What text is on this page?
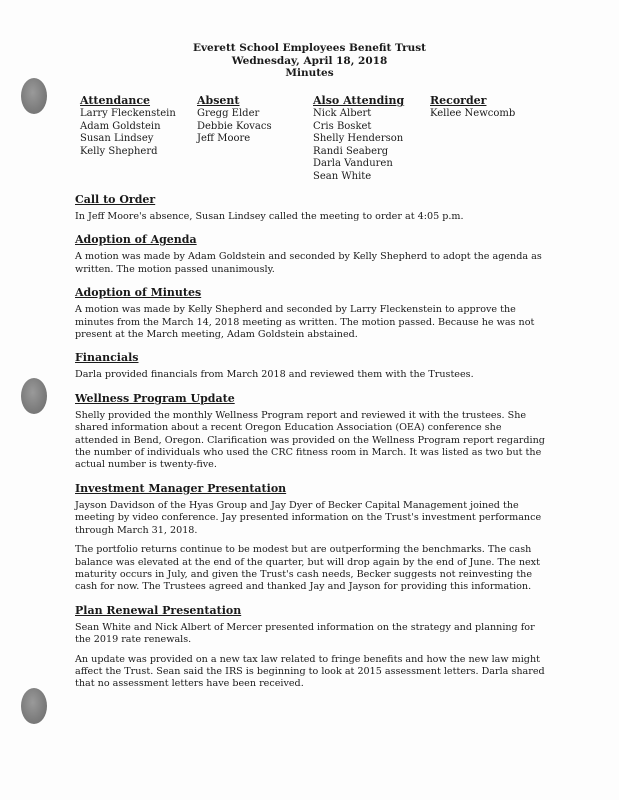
Everett School Employees Benefit Trust
Wednesday, April 18, 2018
Minutes
Attendance
Larry Fleckenstein
Adam Goldstein
Susan Lindsey
Kelly Shepherd
Absent
Gregg Elder
Debbie Kovacs
Jeff Moore
Also Attending
Nick Albert
Cris Bosket
Shelly Henderson
Randi Seaberg
Darla Vanduren
Sean White
Recorder
Kellee Newcomb
Call to Order

In Jeff Moore's absence, Susan Lindsey called the meeting to order at 4:05 p.m.

Adoption of Agenda

A motion was made by Adam Goldstein and seconded by Kelly Shepherd to adopt the agenda as written. The motion passed unanimously.

Adoption of Minutes

A motion was made by Kelly Shepherd and seconded by Larry Fleckenstein to approve the minutes from the March 14, 2018 meeting as written. The motion passed. Because he was not present at the March meeting, Adam Goldstein abstained.

Financials

Darla provided financials from March 2018 and reviewed them with the Trustees.

Wellness Program Update

Shelly provided the monthly Wellness Program report and reviewed it with the trustees. She shared information about a recent Oregon Education Association (OEA) conference she attended in Bend, Oregon. Clarification was provided on the Wellness Program report regarding the number of individuals who used the CRC fitness room in March. It was listed as two but the actual number is twenty-five.

Investment Manager Presentation

Jayson Davidson of the Hyas Group and Jay Dyer of Becker Capital Management joined the meeting by video conference. Jay presented information on the Trust's investment performance through March 31, 2018.

The portfolio returns continue to be modest but are outperforming the benchmarks. The cash balance was elevated at the end of the quarter, but will drop again by the end of June. The next maturity occurs in July, and given the Trust's cash needs, Becker suggests not reinvesting the cash for now. The Trustees agreed and thanked Jay and Jayson for providing this information.

Plan Renewal Presentation

Sean White and Nick Albert of Mercer presented information on the strategy and planning for the 2019 rate renewals.

An update was provided on a new tax law related to fringe benefits and how the new law might affect the Trust. Sean said the IRS is beginning to look at 2015 assessment letters. Darla shared that no assessment letters have been received.
